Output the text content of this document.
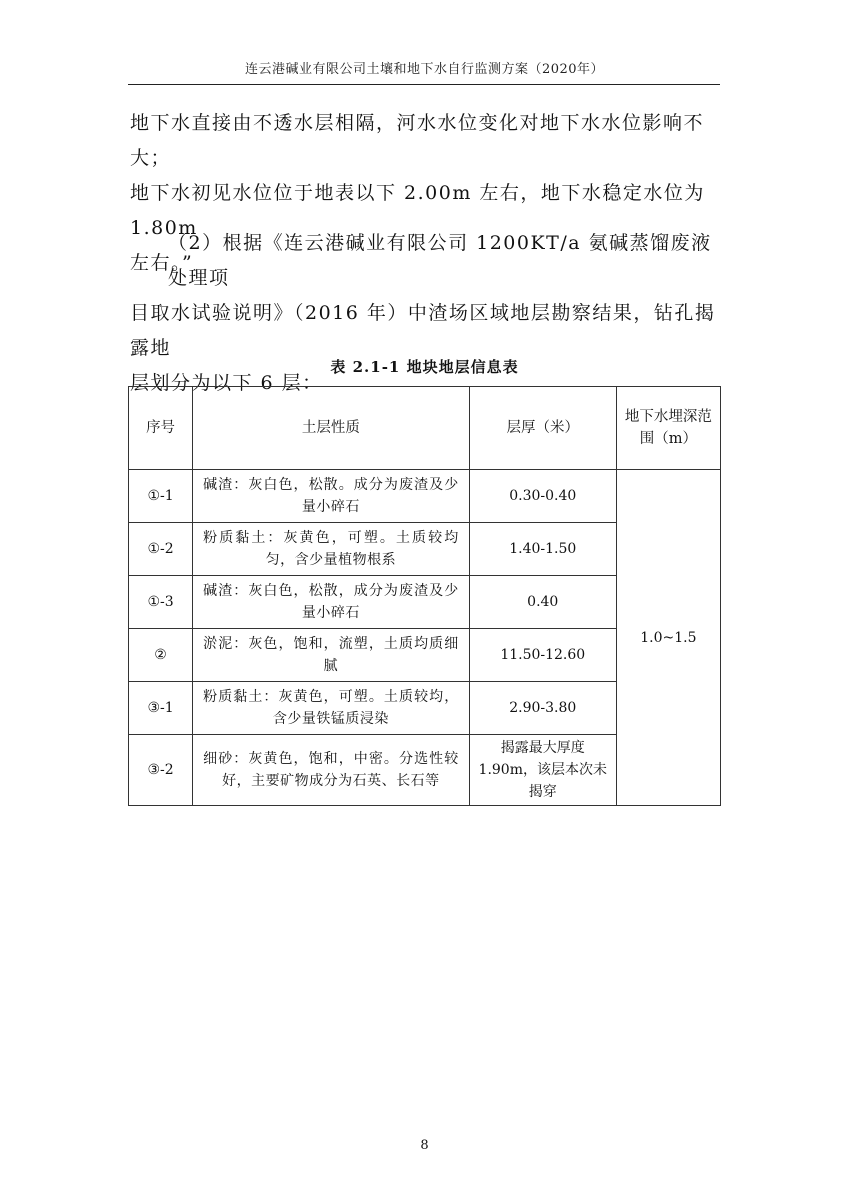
连云港碱业有限公司土壤和地下水自行监测方案（2020年）

地下水直接由不透水层相隔，河水水位变化对地下水水位影响不大；

地下水初见水位位于地表以下 2.00m 左右，地下水稳定水位为 1.80m

左右。”

（2）根据《连云港碱业有限公司 1200KT/a 氨碱蒸馏废液处理项

目取水试验说明》（2016 年）中渣场区域地层勘察结果，钻孔揭露地

层划分为以下 6 层：

表 2.1-1 地块地层信息表
序号	土层性质	层厚（米）	地下水埋深范围（m）
①-1	碱渣：灰白色，松散。成分为废渣及少量小碎石	0.30-0.40	1.0~1.5
①-2	粉质黏土：灰黄色，可塑。土质较均匀，含少量植物根系	1.40-1.50	
①-3	碱渣：灰白色，松散，成分为废渣及少量小碎石	0.40	
②	淤泥：灰色，饱和，流塑，土质均质细腻	11.50-12.60	
③-1	粉质黏土：灰黄色，可塑。土质较均，含少量铁锰质浸染	2.90-3.80	
③-2	细砂：灰黄色，饱和，中密。分选性较好，主要矿物成分为石英、长石等	揭露最大厚度 1.90m，该层本次未揭穿	
8
